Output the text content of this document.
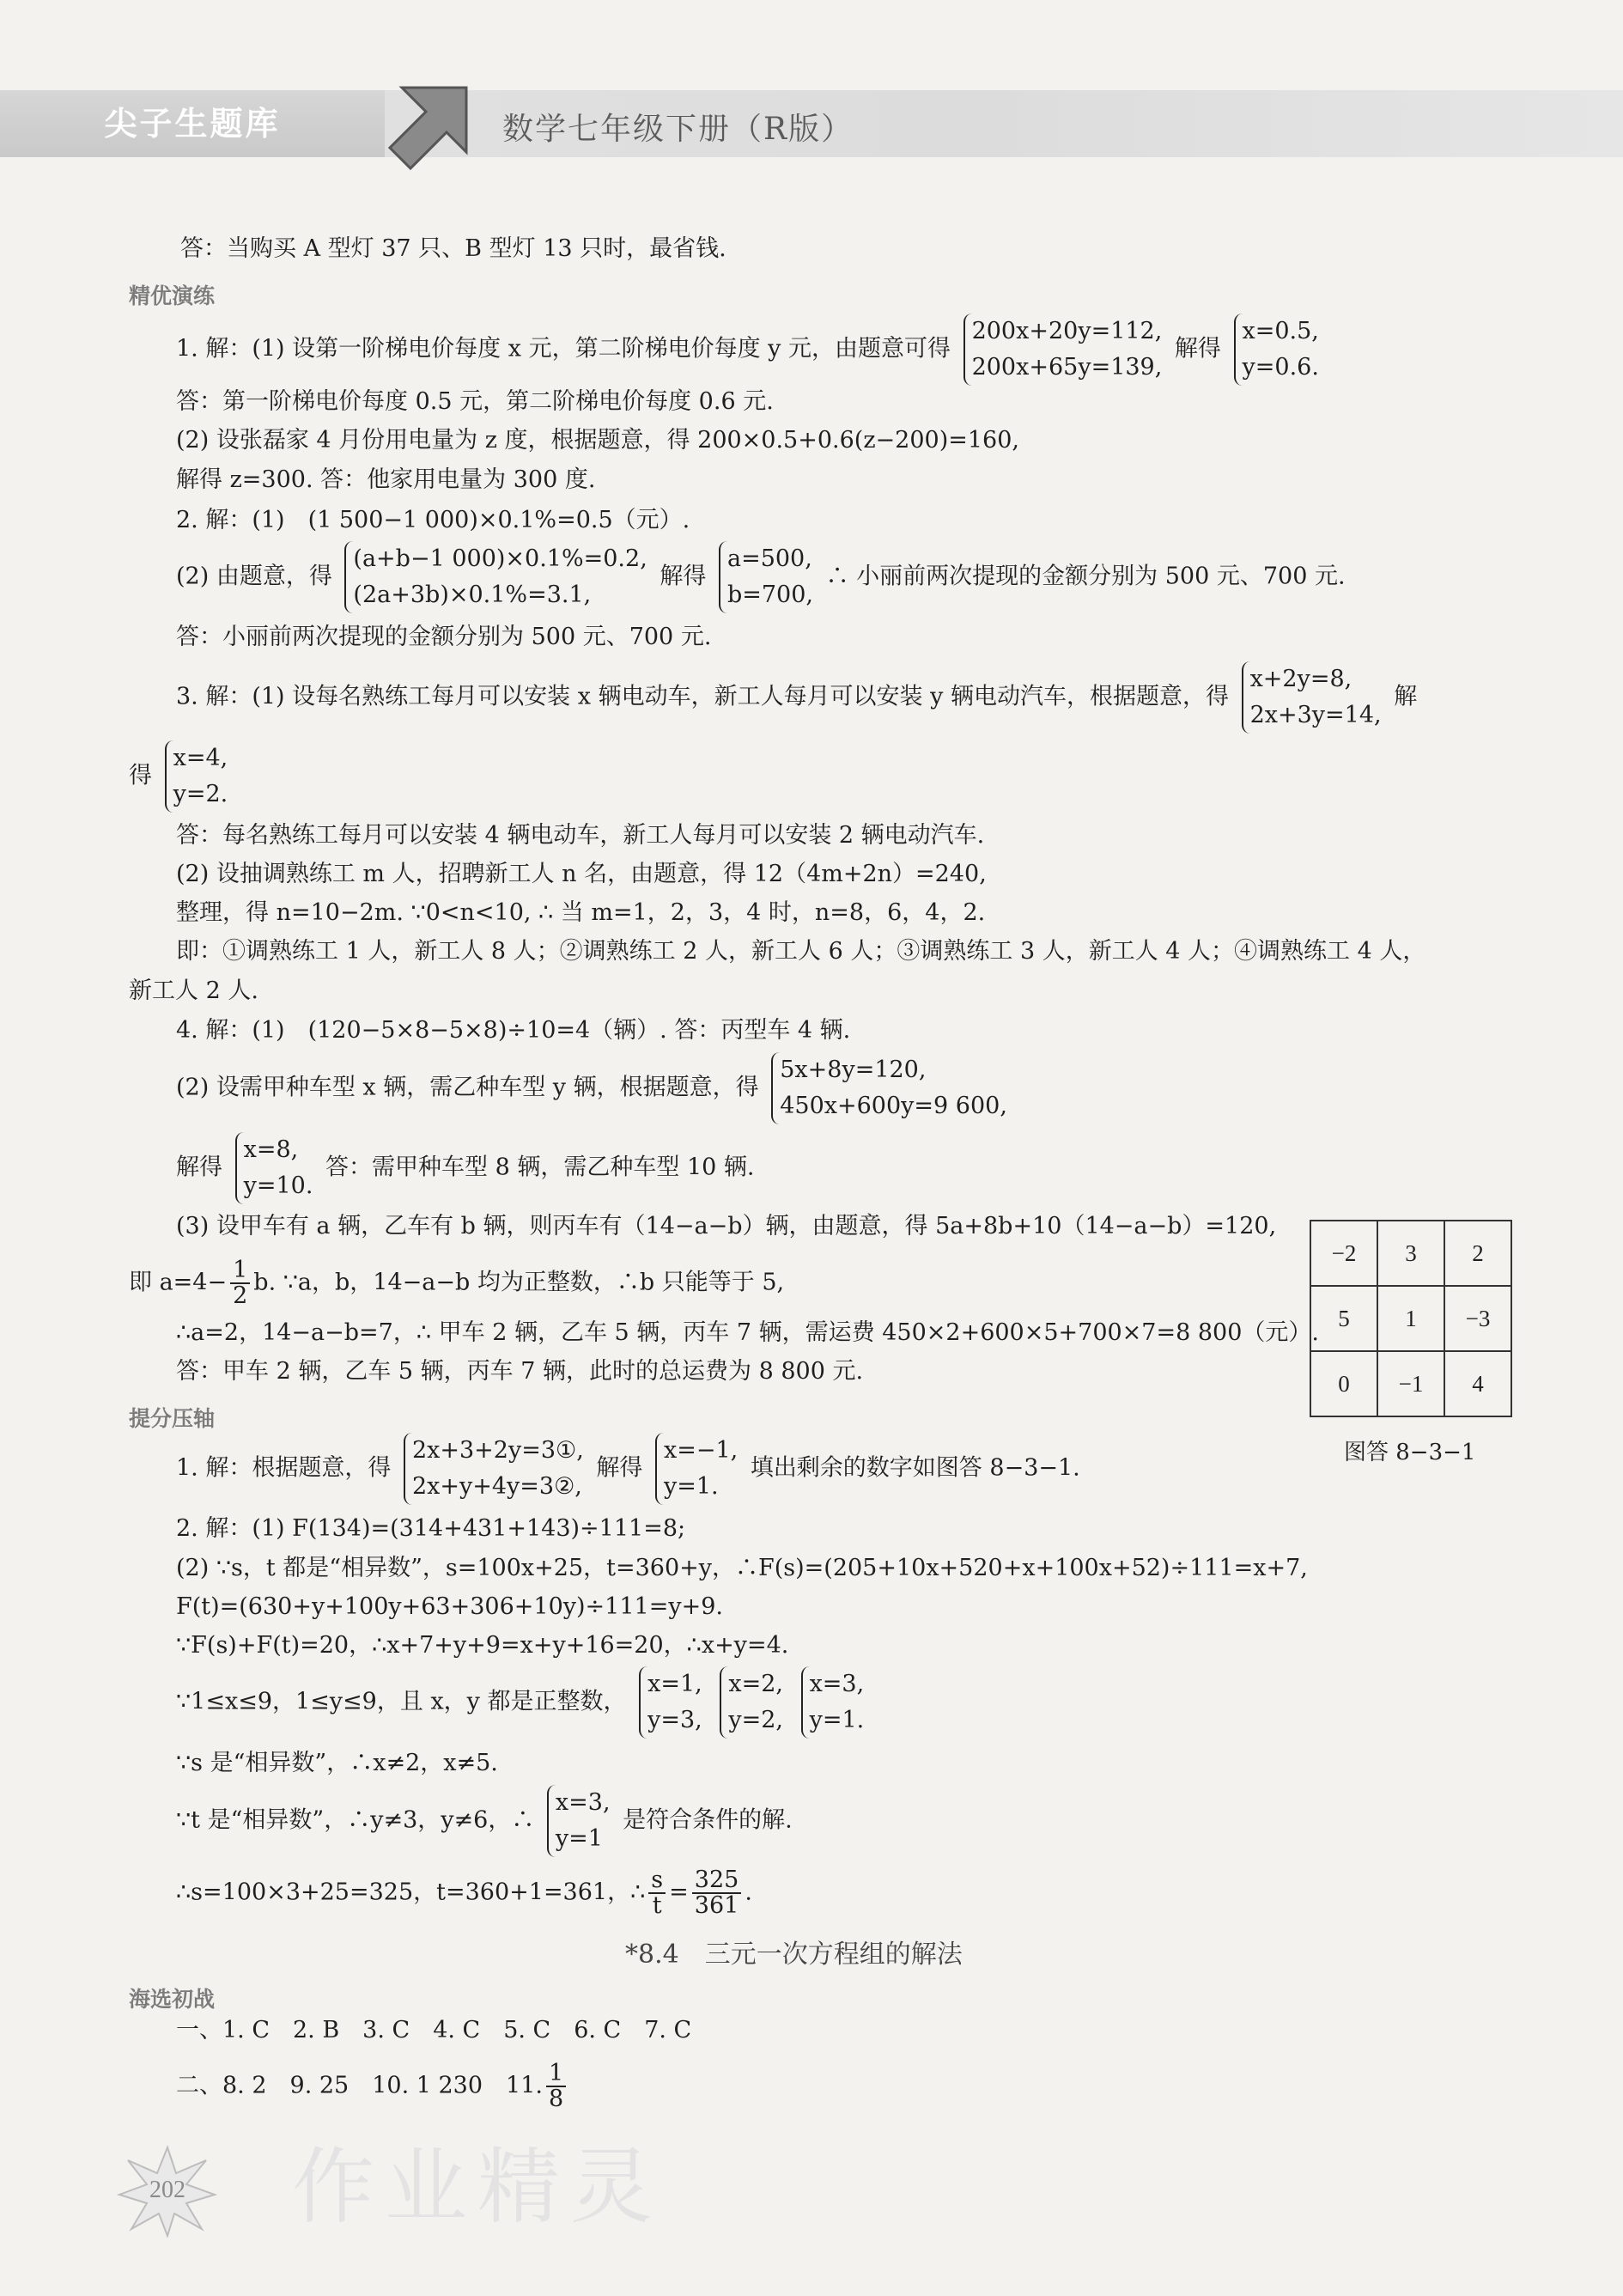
尖子生题库	数学七年级下册（R版）
答：当购买 A 型灯 37 只、B 型灯 13 只时，最省钱.
精优演练
1. 解：(1) 设第一阶梯电价每度 x 元，第二阶梯电价每度 y 元，由题意可得
200x+20y=112,
200x+65y=139,
解得
x=0.5,
y=0.6.
答：第一阶梯电价每度 0.5 元，第二阶梯电价每度 0.6 元.
(2) 设张磊家 4 月份用电量为 z 度，根据题意，得 200×0.5+0.6(z−200)=160,
解得 z=300. 答：他家用电量为 300 度.
2. 解：(1)　(1 500−1 000)×0.1%=0.5（元）.
(2) 由题意，得
(a+b−1 000)×0.1%=0.2,
(2a+3b)×0.1%=3.1,
解得
a=500,
b=700,
∴ 小丽前两次提现的金额分别为 500 元、700 元.
答：小丽前两次提现的金额分别为 500 元、700 元.
3. 解：(1) 设每名熟练工每月可以安装 x 辆电动车，新工人每月可以安装 y 辆电动汽车，根据题意，得
x+2y=8,
2x+3y=14,
解
得
x=4,
y=2.
答：每名熟练工每月可以安装 4 辆电动车，新工人每月可以安装 2 辆电动汽车.
(2) 设抽调熟练工 m 人，招聘新工人 n 名，由题意，得 12（4m+2n）=240,
整理，得 n=10−2m. ∵0<n<10, ∴ 当 m=1，2，3，4 时，n=8，6，4，2.
即：①调熟练工 1 人，新工人 8 人；②调熟练工 2 人，新工人 6 人；③调熟练工 3 人，新工人 4 人；④调熟练工 4 人，
新工人 2 人.
4. 解：(1)　(120−5×8−5×8)÷10=4（辆）. 答：丙型车 4 辆.
(2) 设需甲种车型 x 辆，需乙种车型 y 辆，根据题意，得
5x+8y=120,
450x+600y=9 600,
解得
x=8,
y=10.
答：需甲种车型 8 辆，需乙种车型 10 辆.
(3) 设甲车有 a 辆，乙车有 b 辆，则丙车有（14−a−b）辆，由题意，得 5a+8b+10（14−a−b）=120,
即 $a=4- \frac{1}{2} b$. ∵a，b，14−a−b 均为正整数，∴b 只能等于 5,
∴a=2，14−a−b=7，∴ 甲车 2 辆，乙车 5 辆，丙车 7 辆，需运费 450×2+600×5+700×7=8 800（元）.
答：甲车 2 辆，乙车 5 辆，丙车 7 辆，此时的总运费为 8 800 元.
−2	3	2
5	1	−3
0	−1	4
图答 8−3−1
提分压轴
1. 解：根据题意，得
2x+3+2y=3①,
2x+y+4y=3②,
解得
x=−1,
y=1.
填出剩余的数字如图答 8−3−1.
2. 解：(1) F(134)=(314+431+143)÷111=8;
(2) ∵s，t 都是“相异数”，s=100x+25，t=360+y，∴F(s)=(205+10x+520+x+100x+52)÷111=x+7,
F(t)=(630+y+100y+63+306+10y)÷111=y+9.
∵F(s)+F(t)=20，∴x+7+y+9=x+y+16=20，∴x+y=4.
∵1≤x≤9，1≤y≤9，且 x，y 都是正整数，
x=1,
y=3,

x=2,
y=2,

x=3,
y=1.
∵s 是“相异数”，∴x≠2，x≠5.
∵t 是“相异数”，∴y≠3，y≠6，∴
x=3,
y=1
是符合条件的解.
∴s=100×3+25=325，t=360+1=361，∴ $\frac{s}{t} = \frac{325}{361}$ .
*8.4　三元一次方程组的解法
海选初战
一、1. C　2. B　3. C　4. C　5. C　6. C　7. C
二、8. 2　9. 25　10. 1 230　11. $\frac{1}{8}$
202 作业精灵
